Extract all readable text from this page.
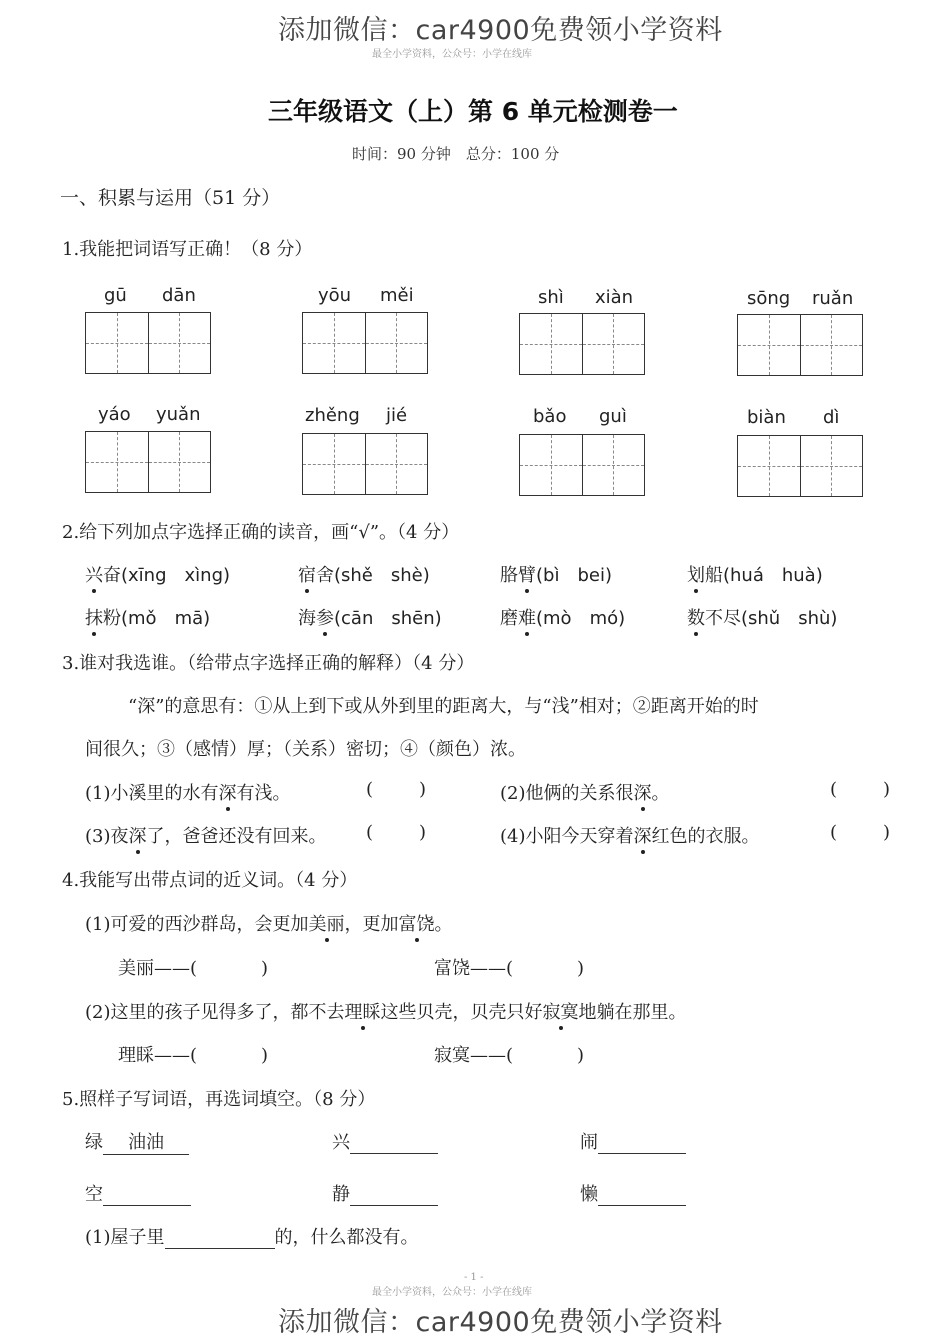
添加微信：car4900免费领小学资料
最全小学资料，公众号：小学在线库
三年级语文（上）第 6 单元检测卷一
时间：90 分钟　总分：100 分
一、积累与运用（51 分）
1.我能把词语写正确！（8 分）
gū dān	yōu měi	shì xiàn	sōng ruǎn
yáo yuǎn	zhěng jié	bǎo guì	biàn dì
2.给下列加点字选择正确的读音，画“√”。（4 分）
兴奋(xīng　xìng)	宿舍(shě　shè)	胳臂(bì　bei)	划船(huá　huà)
抹粉(mǒ　mā)	海参(cān　shēn)	磨难(mò　mó)	数不尽(shǔ　shù)
3.谁对我选谁。（给带点字选择正确的解释）（4 分）
“深”的意思有：①从上到下或从外到里的距离大，与“浅”相对；②距离开始的时
间很久；③（感情）厚；（关系）密切；④（颜色）浓。
(1)小溪里的水有深有浅。	(	)	(2)他俩的关系很深。	(	)
(3)夜深了，爸爸还没有回来。 (	)	(4)小阳今天穿着深红色的衣服。	(	)
4.我能写出带点词的近义词。（4 分）
(1)可爱的西沙群岛，会更加美丽，更加富饶。
美丽——(	)	富饶——(	)
(2)这里的孩子见得多了，都不去理睬这些贝壳，贝壳只好寂寞地躺在那里。
理睬——(	)	寂寞——(	)
5.照样子写词语，再选词填空。（8 分）
绿 油油	兴	闹
空	静	懒
(1)屋子里	的，什么都没有。
- 1 -
最全小学资料，公众号：小学在线库
添加微信：car4900免费领小学资料
